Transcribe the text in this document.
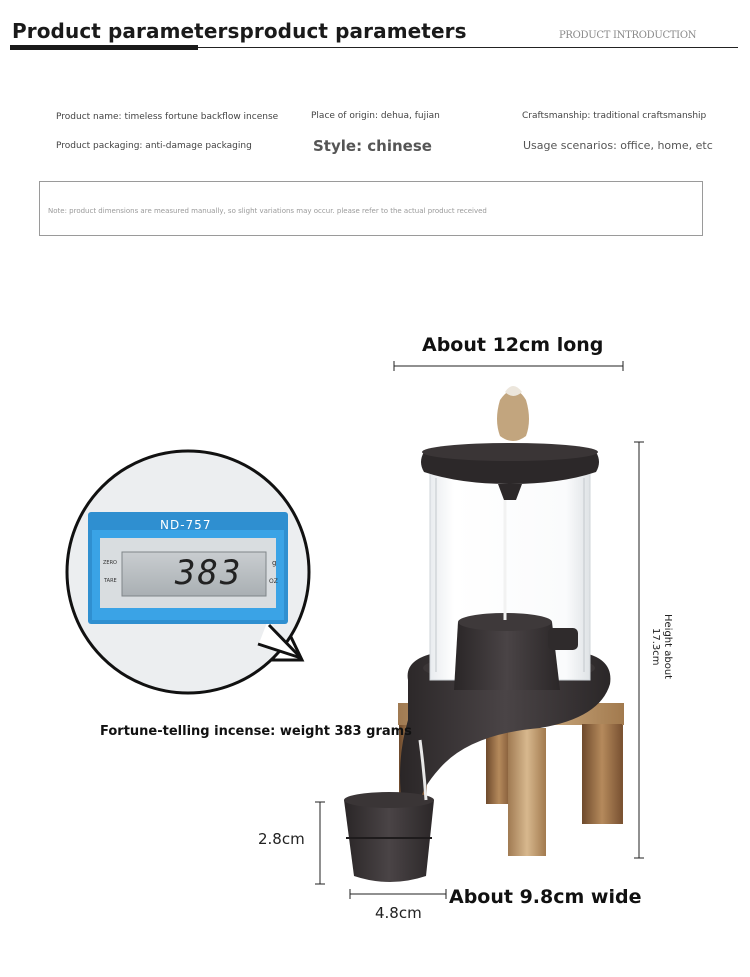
Product parametersproduct parameters	PRODUCT INTRODUCTION
Product name: timeless fortune backflow incense	Place of origin: dehua, fujian	Craftsmanship: traditional craftsmanship
Product packaging: anti-damage packaging	Style: chinese	Usage scenarios: office, home, etc
Note: product dimensions are measured manually, so slight variations may occur. please refer to the actual product received
ND-757
383
ZERO
TARE
g
OZ
About 12cm long
About 9.8cm wide
2.8cm
4.8cm
Height about
17.3cm
Fortune-telling incense: weight 383 grams
